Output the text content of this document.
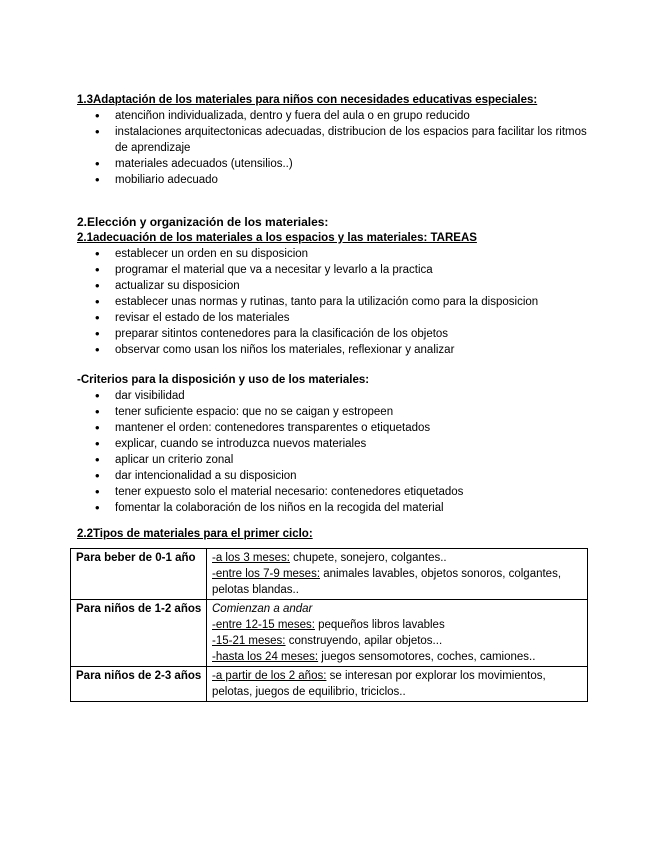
1.3Adaptación de los materiales para niños con necesidades educativas especiales:

• atenciñon individualizada, dentro y fuera del aula o en grupo reducido
• instalaciones arquitectonicas adecuadas, distribucion de los espacios para facilitar los ritmos de aprendizaje
• materiales adecuados (utensilios..)
• mobiliario adecuado

2.Elección y organización de los materiales:

2.1adecuación de los materiales a los espacios y las materiales: TAREAS

• establecer un orden en su disposicion
• programar el material que va a necesitar y levarlo a la practica
• actualizar su disposicion
• establecer unas normas y rutinas, tanto para la utilización como para la disposicion
• revisar el estado de los materiales
• preparar sitintos contenedores para la clasificación de los objetos
• observar como usan los niños los materiales, reflexionar y analizar

-Criterios para la disposición y uso de los materiales:

• dar visibilidad
• tener suficiente espacio: que no se caigan y estropeen
• mantener el orden: contenedores transparentes o etiquetados
• explicar, cuando se introduzca nuevos materiales
• aplicar un criterio zonal
• dar intencionalidad a su disposicion
• tener expuesto solo el material necesario: contenedores etiquetados
• fomentar la colaboración de los niños en la recogida del material

2.2Tipos de materiales para el primer ciclo:

Para beber de 0-1 año	-a los 3 meses: chupete, sonejero, colgantes..
-entre los 7-9 meses: animales lavables, objetos sonoros, colgantes, pelotas blandas..

Para niños de 1-2 años	Comienzan a andar
-entre 12-15 meses: pequeños libros lavables
-15-21 meses: construyendo, apilar objetos...
-hasta los 24 meses: juegos sensomotores, coches, camiones..

Para niños de 2-3 años	-a partir de los 2 años: se interesan por explorar los movimientos, pelotas, juegos de equilibrio, triciclos..
